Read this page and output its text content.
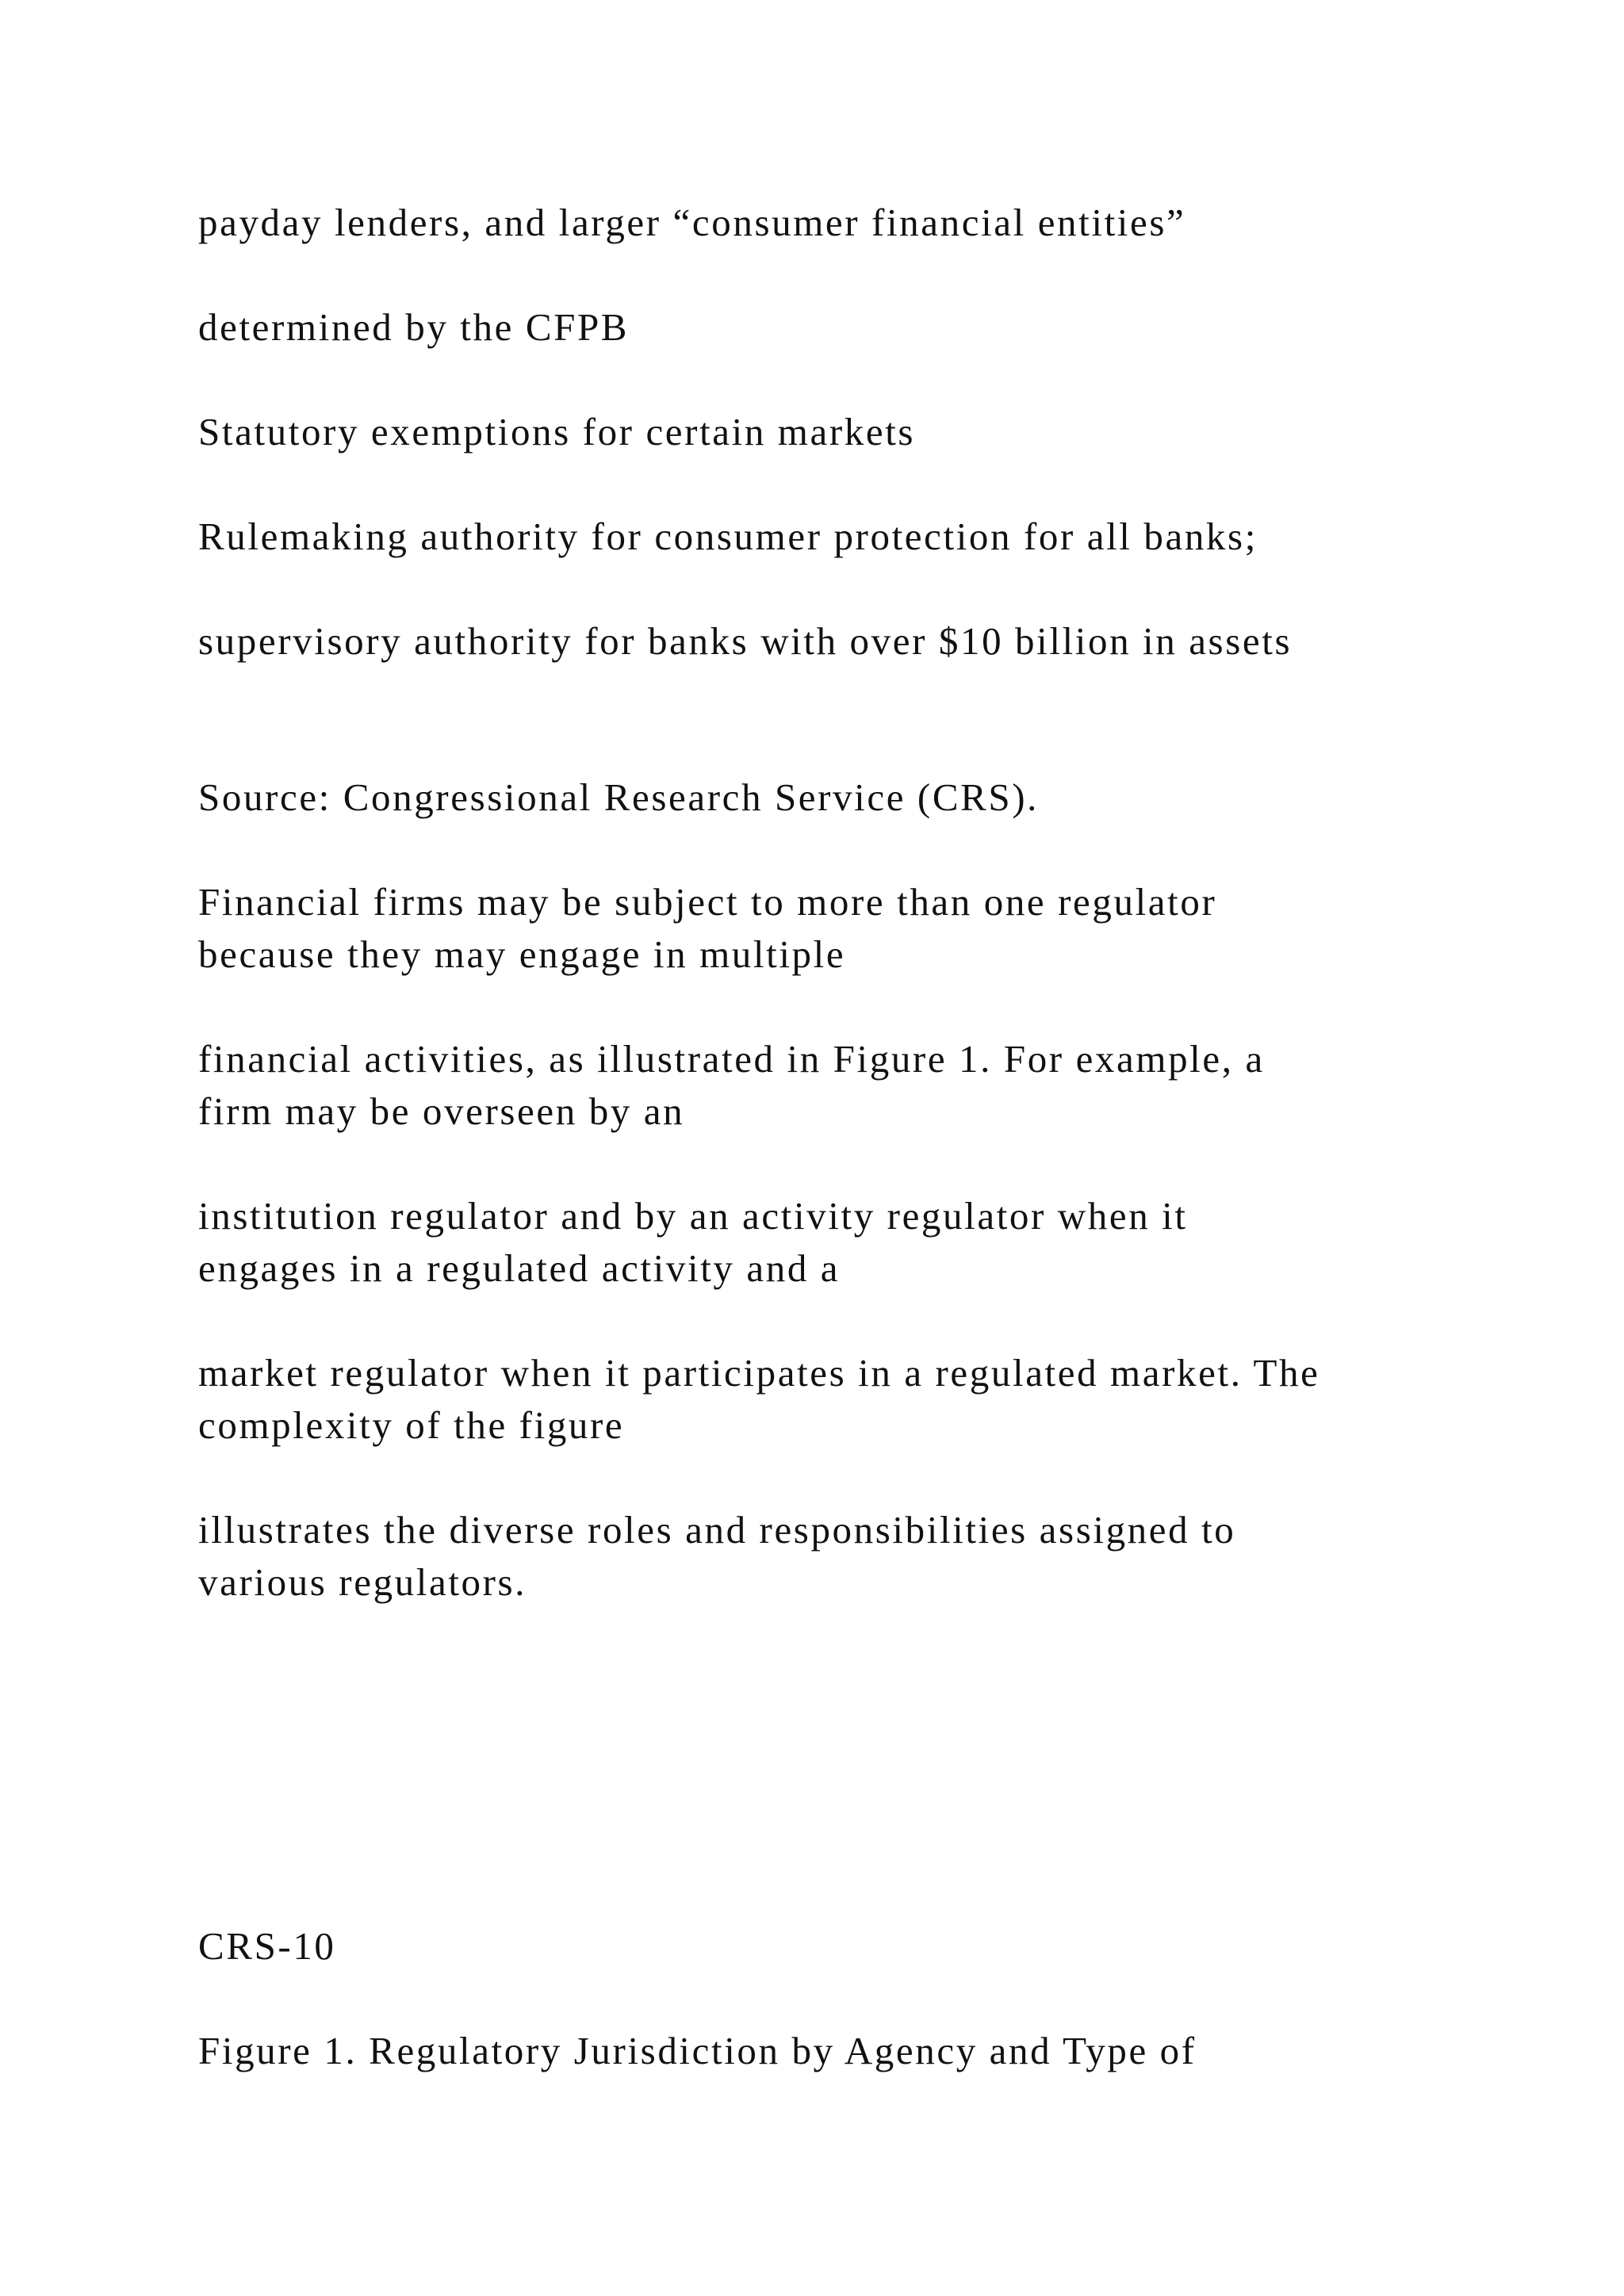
payday lenders, and larger “consumer financial entities”

determined by the CFPB

Statutory exemptions for certain markets

Rulemaking authority for consumer protection for all banks;

supervisory authority for banks with over $10 billion in assets

Source: Congressional Research Service (CRS).

Financial firms may be subject to more than one regulator

because they may engage in multiple

financial activities, as illustrated in Figure 1. For example, a

firm may be overseen by an

institution regulator and by an activity regulator when it

engages in a regulated activity and a

market regulator when it participates in a regulated market. The

complexity of the figure

illustrates the diverse roles and responsibilities assigned to

various regulators.

CRS-10

Figure 1. Regulatory Jurisdiction by Agency and Type of
